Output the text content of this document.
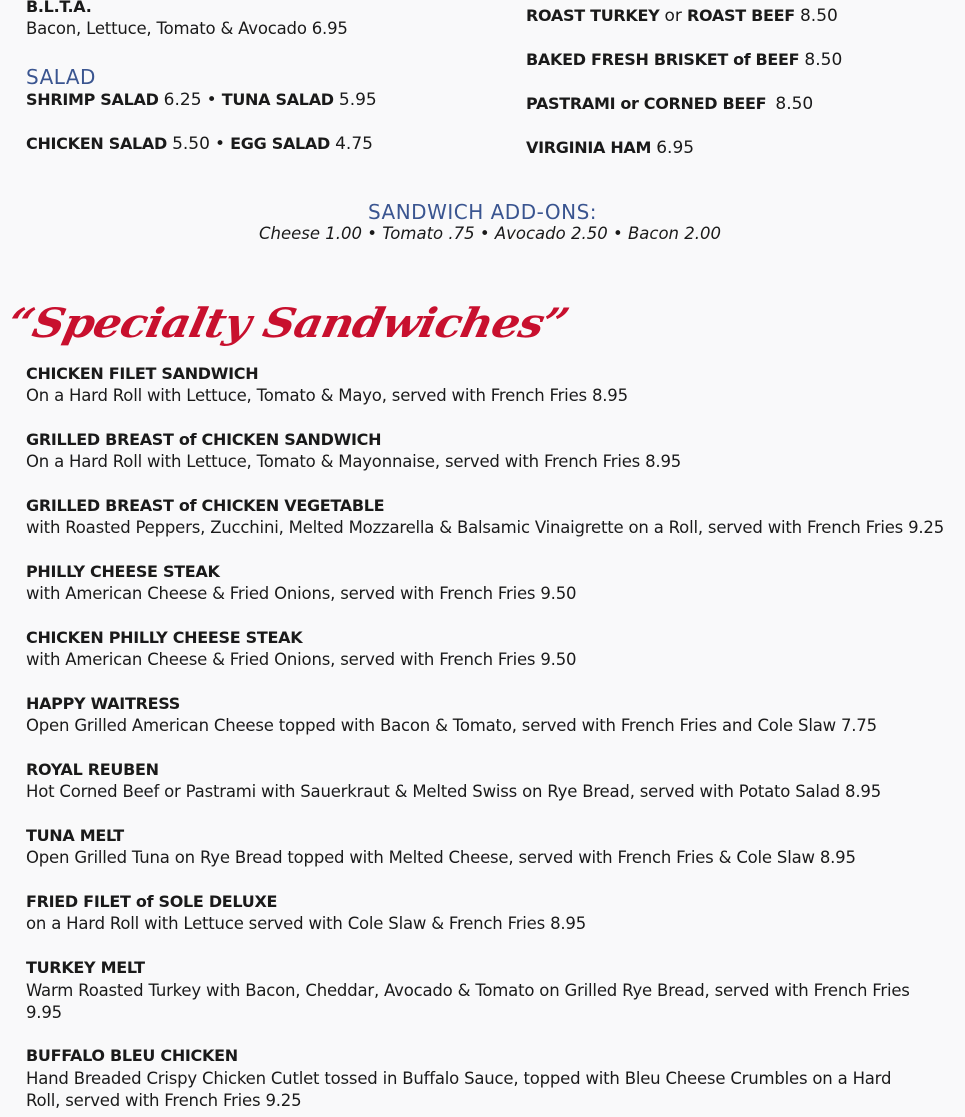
B.L.T.A.
Bacon, Lettuce, Tomato & Avocado 6.95
SALAD
SHRIMP SALAD 6.25 • TUNA SALAD 5.95
CHICKEN SALAD 5.50 • EGG SALAD 4.75
ROAST TURKEY or ROAST BEEF 8.50
BAKED FRESH BRISKET of BEEF 8.50
PASTRAMI or CORNED BEEF 8.50
VIRGINIA HAM 6.95
SANDWICH ADD-ONS:
Cheese 1.00 • Tomato .75 • Avocado 2.50 • Bacon 2.00
“Specialty Sandwiches”
CHICKEN FILET SANDWICH
On a Hard Roll with Lettuce, Tomato & Mayo, served with French Fries 8.95
GRILLED BREAST of CHICKEN SANDWICH
On a Hard Roll with Lettuce, Tomato & Mayonnaise, served with French Fries 8.95
GRILLED BREAST of CHICKEN VEGETABLE
with Roasted Peppers, Zucchini, Melted Mozzarella & Balsamic Vinaigrette on a Roll, served with French Fries 9.25
PHILLY CHEESE STEAK
with American Cheese & Fried Onions, served with French Fries 9.50
CHICKEN PHILLY CHEESE STEAK
with American Cheese & Fried Onions, served with French Fries 9.50
HAPPY WAITRESS
Open Grilled American Cheese topped with Bacon & Tomato, served with French Fries and Cole Slaw 7.75
ROYAL REUBEN
Hot Corned Beef or Pastrami with Sauerkraut & Melted Swiss on Rye Bread, served with Potato Salad 8.95
TUNA MELT
Open Grilled Tuna on Rye Bread topped with Melted Cheese, served with French Fries & Cole Slaw 8.95
FRIED FILET of SOLE DELUXE
on a Hard Roll with Lettuce served with Cole Slaw & French Fries 8.95
TURKEY MELT
Warm Roasted Turkey with Bacon, Cheddar, Avocado & Tomato on Grilled Rye Bread, served with French Fries 9.95
BUFFALO BLEU CHICKEN
Hand Breaded Crispy Chicken Cutlet tossed in Buffalo Sauce, topped with Bleu Cheese Crumbles on a Hard Roll, served with French Fries 9.25
